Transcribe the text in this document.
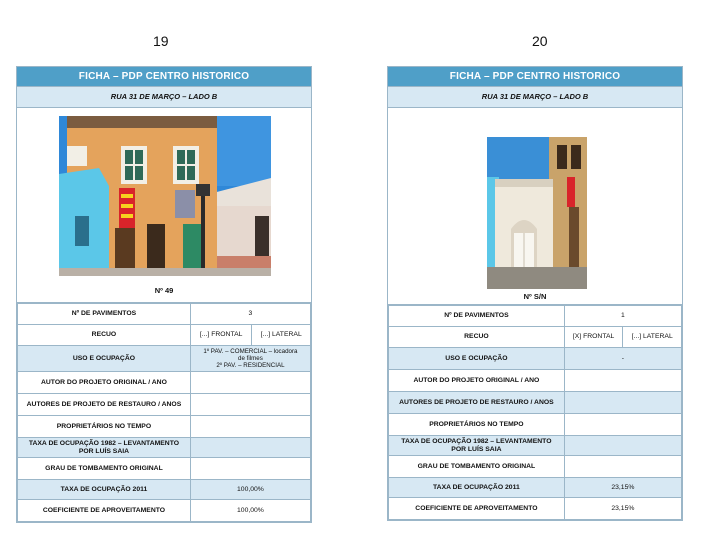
19
FICHA – PDP CENTRO HISTORICO
RUA 31 DE MARÇO – LADO B
Nº 49
Nº DE PAVIMENTOS	3	
RECUO	[...] FRONTAL	[...] LATERAL
USO E OCUPAÇÃO	1º PAV. – COMERCIAL – locadora
de filmes
2º PAV. – RESIDENCIAL	

AUTOR DO PROJETO ORIGINAL / ANO		
AUTORES DE PROJETO DE RESTAURO / ANOS		
PROPRIETÁRIOS NO TEMPO		

TAXA DE OCUPAÇÃO 1982 – LEVANTAMENTO
POR LUÍS SAIA		

GRAU DE TOMBAMENTO ORIGINAL		
TAXA DE OCUPAÇÃO 2011	100,00%	
COEFICIENTE DE APROVEITAMENTO	100,00%	
20
FICHA – PDP CENTRO HISTORICO
RUA 31 DE MARÇO – LADO B
Nº S/N
Nº DE PAVIMENTOS	1	
RECUO	[X] FRONTAL	[...] LATERAL
USO E OCUPAÇÃO	-	
AUTOR DO PROJETO ORIGINAL / ANO		
AUTORES DE PROJETO DE RESTAURO / ANOS		
PROPRIETÁRIOS NO TEMPO		

TAXA DE OCUPAÇÃO 1982 – LEVANTAMENTO
POR LUÍS SAIA		

GRAU DE TOMBAMENTO ORIGINAL		
TAXA DE OCUPAÇÃO 2011	23,15%	
COEFICIENTE DE APROVEITAMENTO	23,15%	
